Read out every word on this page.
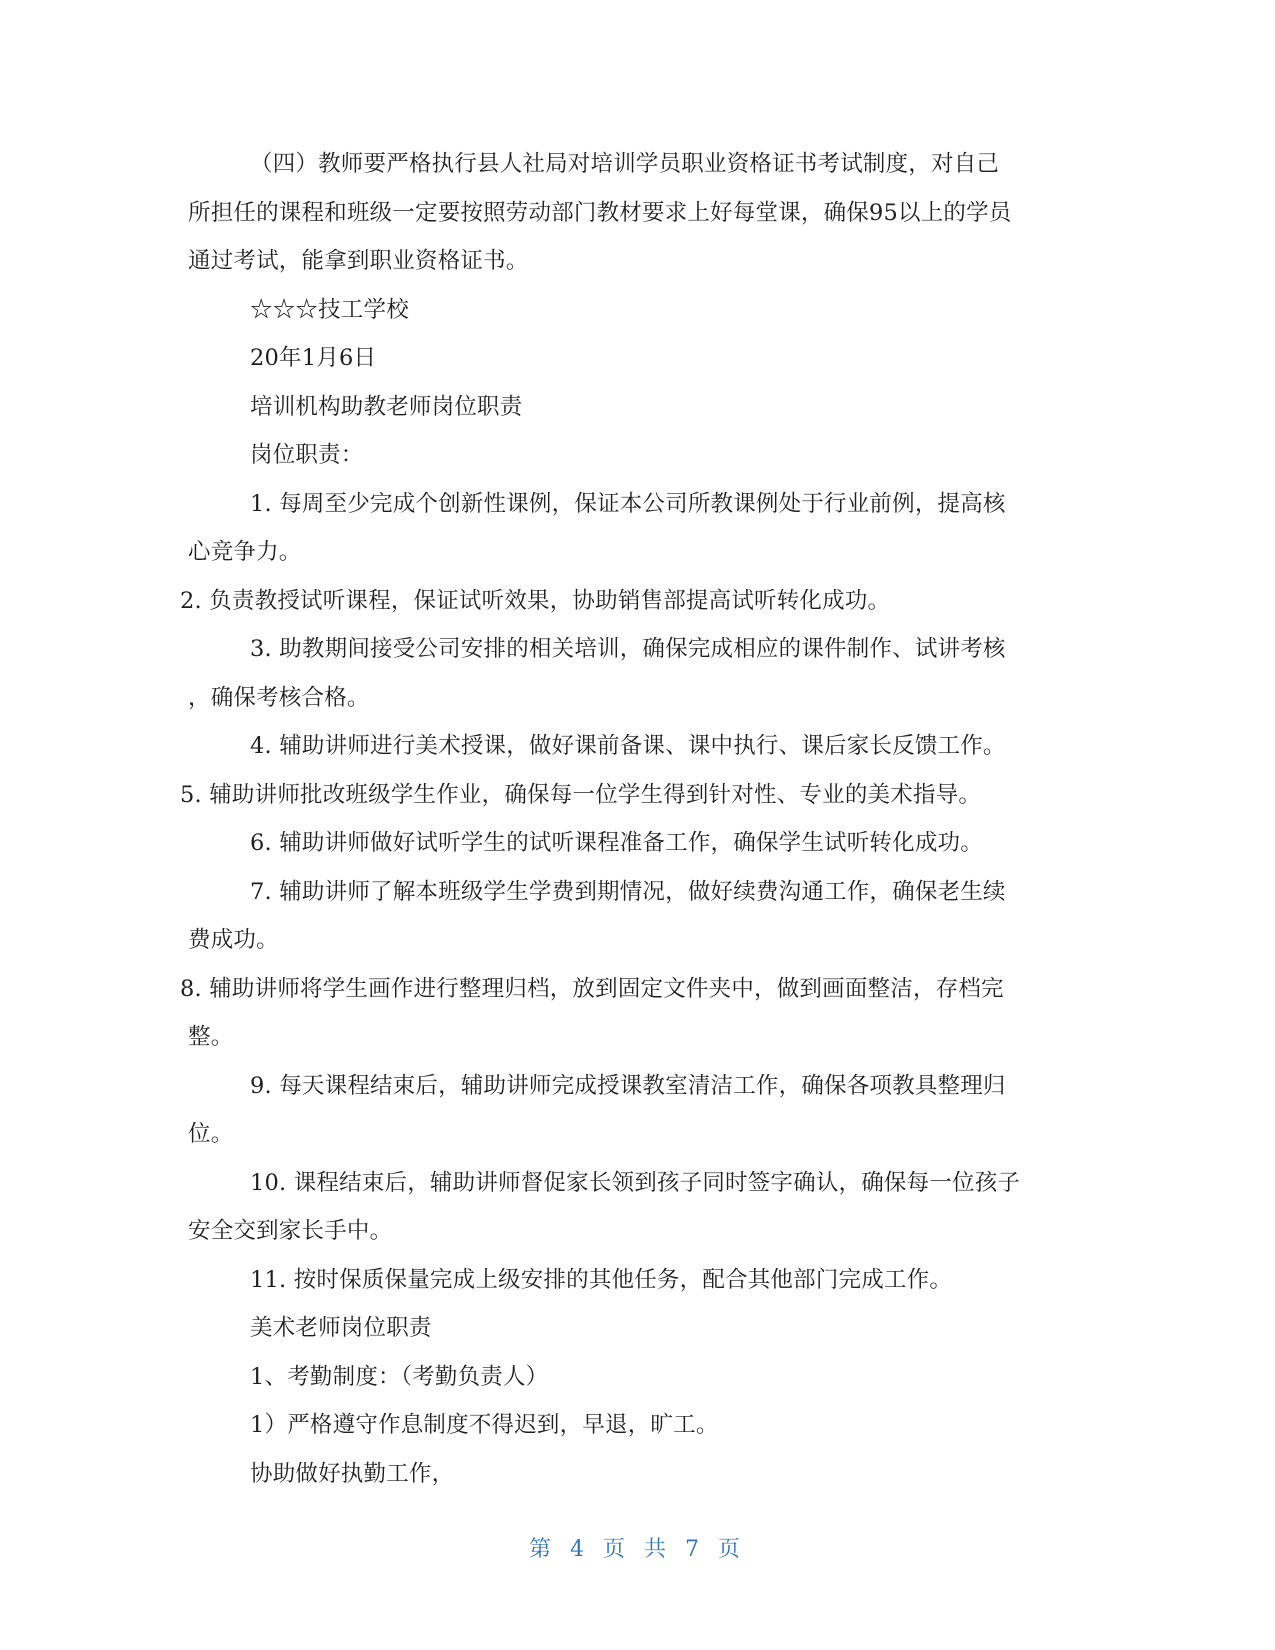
（四）教师要严格执行县人社局对培训学员职业资格证书考试制度，对自己
所担任的课程和班级一定要按照劳动部门教材要求上好每堂课，确保95以上的学员
通过考试，能拿到职业资格证书。
☆☆☆技工学校
20年1月6日
培训机构助教老师岗位职责
岗位职责：
1. 每周至少完成个创新性课例，保证本公司所教课例处于行业前例，提高核
心竞争力。
2. 负责教授试听课程，保证试听效果，协助销售部提高试听转化成功。
3. 助教期间接受公司安排的相关培训，确保完成相应的课件制作、试讲考核
，确保考核合格。
4. 辅助讲师进行美术授课，做好课前备课、课中执行、课后家长反馈工作。
5. 辅助讲师批改班级学生作业，确保每一位学生得到针对性、专业的美术指导。
6. 辅助讲师做好试听学生的试听课程准备工作，确保学生试听转化成功。
7. 辅助讲师了解本班级学生学费到期情况，做好续费沟通工作，确保老生续
费成功。
8. 辅助讲师将学生画作进行整理归档，放到固定文件夹中，做到画面整洁，存档完
整。
9. 每天课程结束后，辅助讲师完成授课教室清洁工作，确保各项教具整理归
位。
10. 课程结束后，辅助讲师督促家长领到孩子同时签字确认，确保每一位孩子
安全交到家长手中。
11. 按时保质保量完成上级安排的其他任务，配合其他部门完成工作。
美术老师岗位职责
1、考勤制度：（考勤负责人）
1）严格遵守作息制度不得迟到，早退，旷工。
协助做好执勤工作，
第 4 页 共 7 页
